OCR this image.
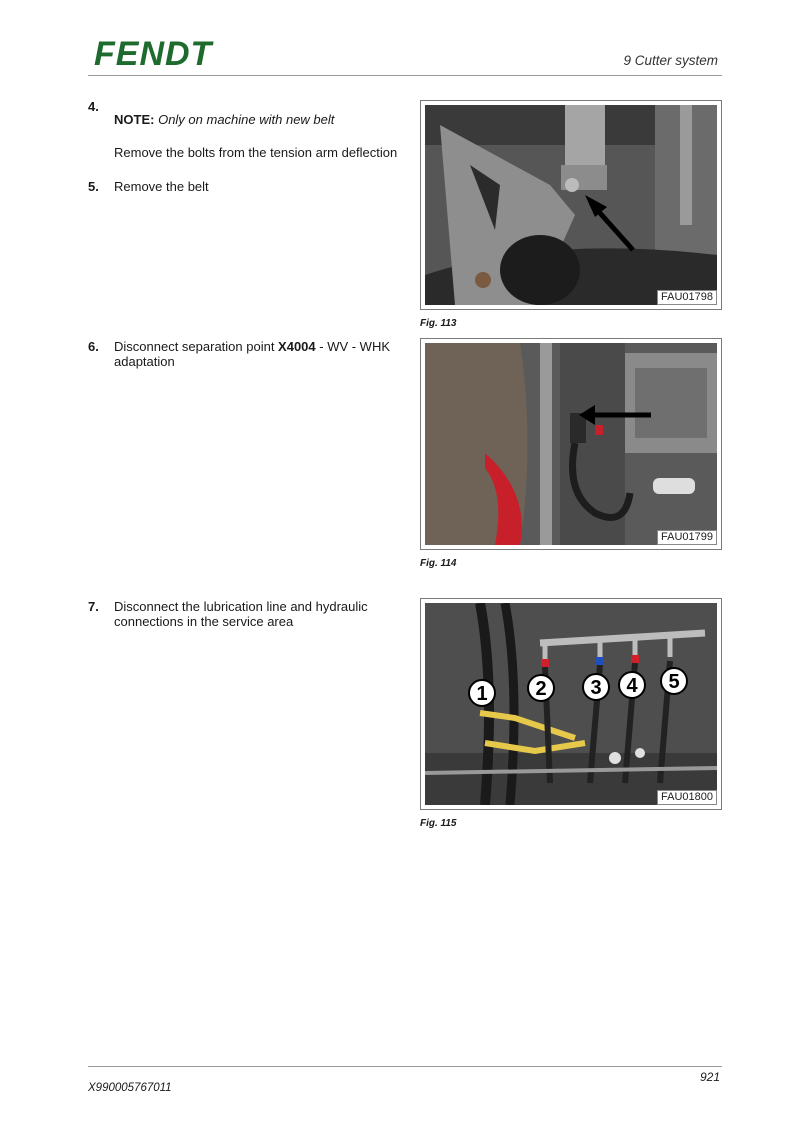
FENDT	9 Cutter system
4.
NOTE: Only on machine with new belt
Remove the bolts from the tension arm deflection
5. Remove the belt
6. Disconnect separation point X4004 - WV - WHK adaptation
7. Disconnect the lubrication line and hydraulic connections in the service area
FAU01798
Fig. 113
FAU01799
Fig. 114
1 2 3 4 5
FAU01800
Fig. 115
921
X990005767011
